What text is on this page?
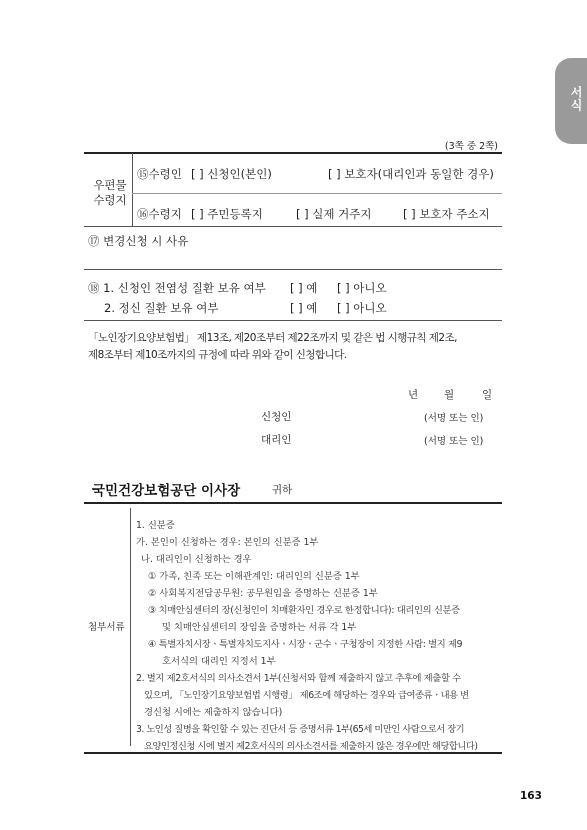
서식
(3쪽 중 2쪽)
우편물
수령지
⑮수령인 [ ] 신청인(본인)	[ ] 보호자(대리인과 동일한 경우)
⑯수령지 [ ] 주민등록지	[ ] 실제 거주지	[ ] 보호자 주소지
⑰ 변경신청 시 사유
⑱ 1. 신청인 전염성 질환 보유 여부 [ ] 예 [ ] 아니오
2. 정신 질환 보유 여부	[ ] 예 [ ] 아니오
「노인장기요양보험법」 제13조, 제20조부터 제22조까지 및 같은 법 시행규칙 제2조,
제8조부터 제10조까지의 규정에 따라 위와 같이 신청합니다.
년 월	일
신청인	(서명 또는 인)
대리인	(서명 또는 인)
국민건강보험공단 이사장	귀하
첨부서류
1. 신분증
가. 본인이 신청하는 경우: 본인의 신분증 1부
나. 대리인이 신청하는 경우
① 가족, 친족 또는 이해관계인: 대리인의 신분증 1부
② 사회복지전담공무원: 공무원임을 증명하는 신분증 1부
③ 치매안심센터의 장(신청인이 치매환자인 경우로 한정합니다): 대리인의 신분증
및 치매안심센터의 장임을 증명하는 서류 각 1부
④ 특별자치시장ㆍ특별자치도지사ㆍ시장ㆍ군수ㆍ구청장이 지정한 사람: 별지 제9
호서식의 대리인 지정서 1부
2. 별지 제2호서식의 의사소견서 1부(신청서와 함께 제출하지 않고 추후에 제출할 수
있으며, 「노인장기요양보험법 시행령」 제6조에 해당하는 경우와 급여종류ㆍ내용 변
경신청 시에는 제출하지 않습니다)
3. 노인성 질병을 확인할 수 있는 진단서 등 증명서류 1부(65세 미만인 사람으로서 장기
요양인정신청 시에 별지 제2호서식의 의사소견서를 제출하지 않은 경우에만 해당합니다)
163
